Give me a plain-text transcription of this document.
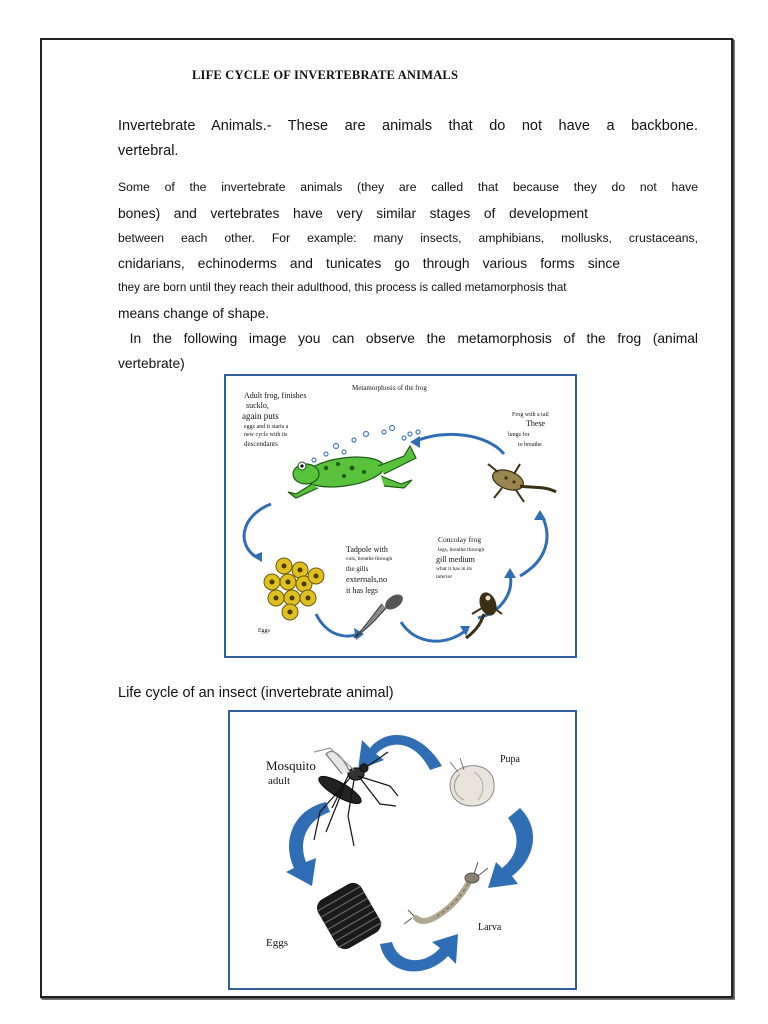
LIFE CYCLE OF INVERTEBRATE ANIMALS
Invertebrate Animals.- These are animals that do not have a backbone.
vertebral.
Some of the invertebrate animals (they are called that because they do not have
bones) and vertebrates have very similar stages of development
between each other. For example: many insects, amphibians, mollusks, crustaceans,
cnidarians, echinoderms and tunicates go through various forms since
they are born until they reach their adulthood, this process is called metamorphosis that
means change of shape.
In the following image you can observe the metamorphosis of the frog (animal
vertebrate)
Metamorphosis of the frog
Adult frog, finishes
sucklo,
again puts
eggs and it starts a
new cycle with its
descendants
Frog with a tail
These
lungs for
to breathe
Tadpole with
cols, breathe through
the gills
externals,no
it has legs
Concolay frog
legs, breathe through
gill medium
what it has in its
interior
Eggs
Life cycle of an insect (invertebrate animal)
Mosquito
adult
Pupa
Larva
Eggs
